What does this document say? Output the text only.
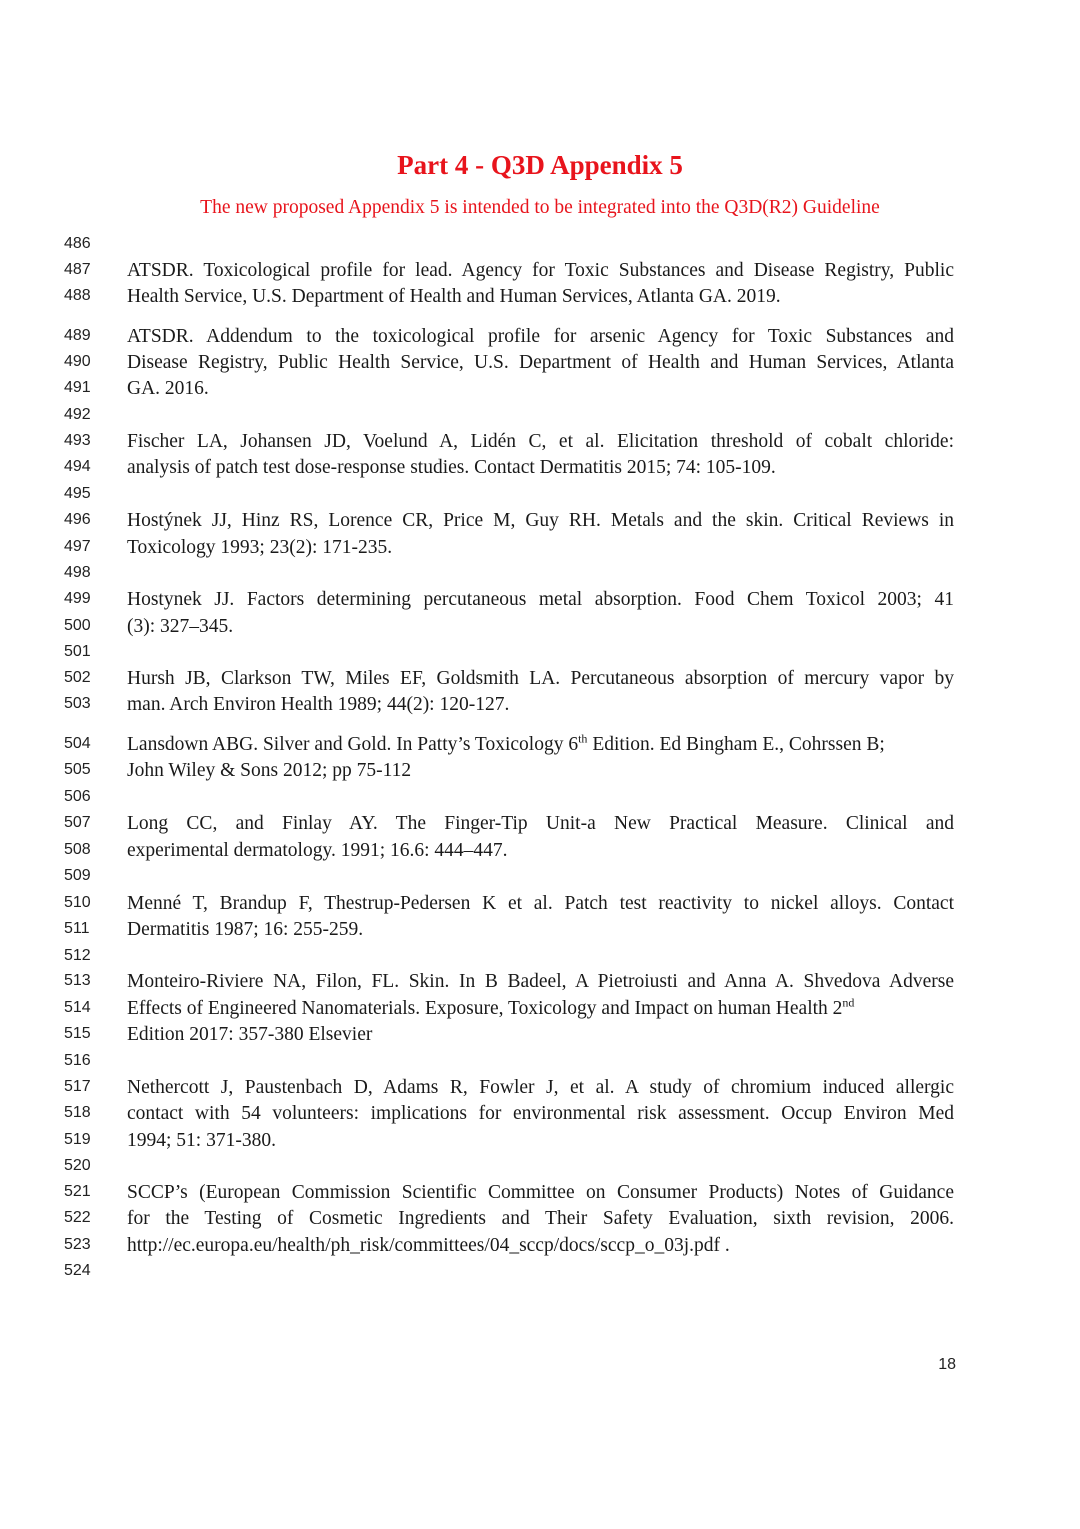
Part 4 - Q3D Appendix 5

The new proposed Appendix 5 is intended to be integrated into the Q3D(R2) Guideline

486
487	ATSDR. Toxicological profile for lead. Agency for Toxic Substances and Disease Registry, Public
488	Health Service, U.S. Department of Health and Human Services, Atlanta GA. 2019.
489	ATSDR. Addendum to the toxicological profile for arsenic Agency for Toxic Substances and
490	Disease Registry, Public Health Service, U.S. Department of Health and Human Services, Atlanta
491	GA. 2016.
492
493	Fischer LA, Johansen JD, Voelund A, Lidén C, et al. Elicitation threshold of cobalt chloride:
494	analysis of patch test dose-response studies. Contact Dermatitis 2015; 74: 105-109.
495
496	Hostýnek JJ, Hinz RS, Lorence CR, Price M, Guy RH. Metals and the skin. Critical Reviews in
497	Toxicology 1993; 23(2): 171-235.
498
499	Hostynek JJ. Factors determining percutaneous metal absorption. Food Chem Toxicol 2003; 41
500	(3): 327–345.
501
502	Hursh JB, Clarkson TW, Miles EF, Goldsmith LA. Percutaneous absorption of mercury vapor by
503	man. Arch Environ Health 1989; 44(2): 120-127.
504	Lansdown ABG. Silver and Gold. In Patty’s Toxicology 6th Edition. Ed Bingham E., Cohrssen B;
505	John Wiley & Sons 2012; pp 75-112
506
507	Long CC, and Finlay AY. The Finger-Tip Unit-a New Practical Measure. Clinical and
508	experimental dermatology. 1991; 16.6: 444–447.
509
510	Menné T, Brandup F, Thestrup-Pedersen K et al. Patch test reactivity to nickel alloys. Contact
511	Dermatitis 1987; 16: 255-259.
512
513	Monteiro-Riviere NA, Filon, FL. Skin. In B Badeel, A Pietroiusti and Anna A. Shvedova Adverse
514	Effects of Engineered Nanomaterials. Exposure, Toxicology and Impact on human Health 2nd
515	Edition 2017: 357-380 Elsevier
516
517	Nethercott J, Paustenbach D, Adams R, Fowler J, et al. A study of chromium induced allergic
518	contact with 54 volunteers: implications for environmental risk assessment. Occup Environ Med
519	1994; 51: 371-380.
520
521	SCCP’s (European Commission Scientific Committee on Consumer Products) Notes of Guidance
522	for the Testing of Cosmetic Ingredients and Their Safety Evaluation, sixth revision, 2006.
523	http://ec.europa.eu/health/ph_risk/committees/04_sccp/docs/sccp_o_03j.pdf .
524
18
